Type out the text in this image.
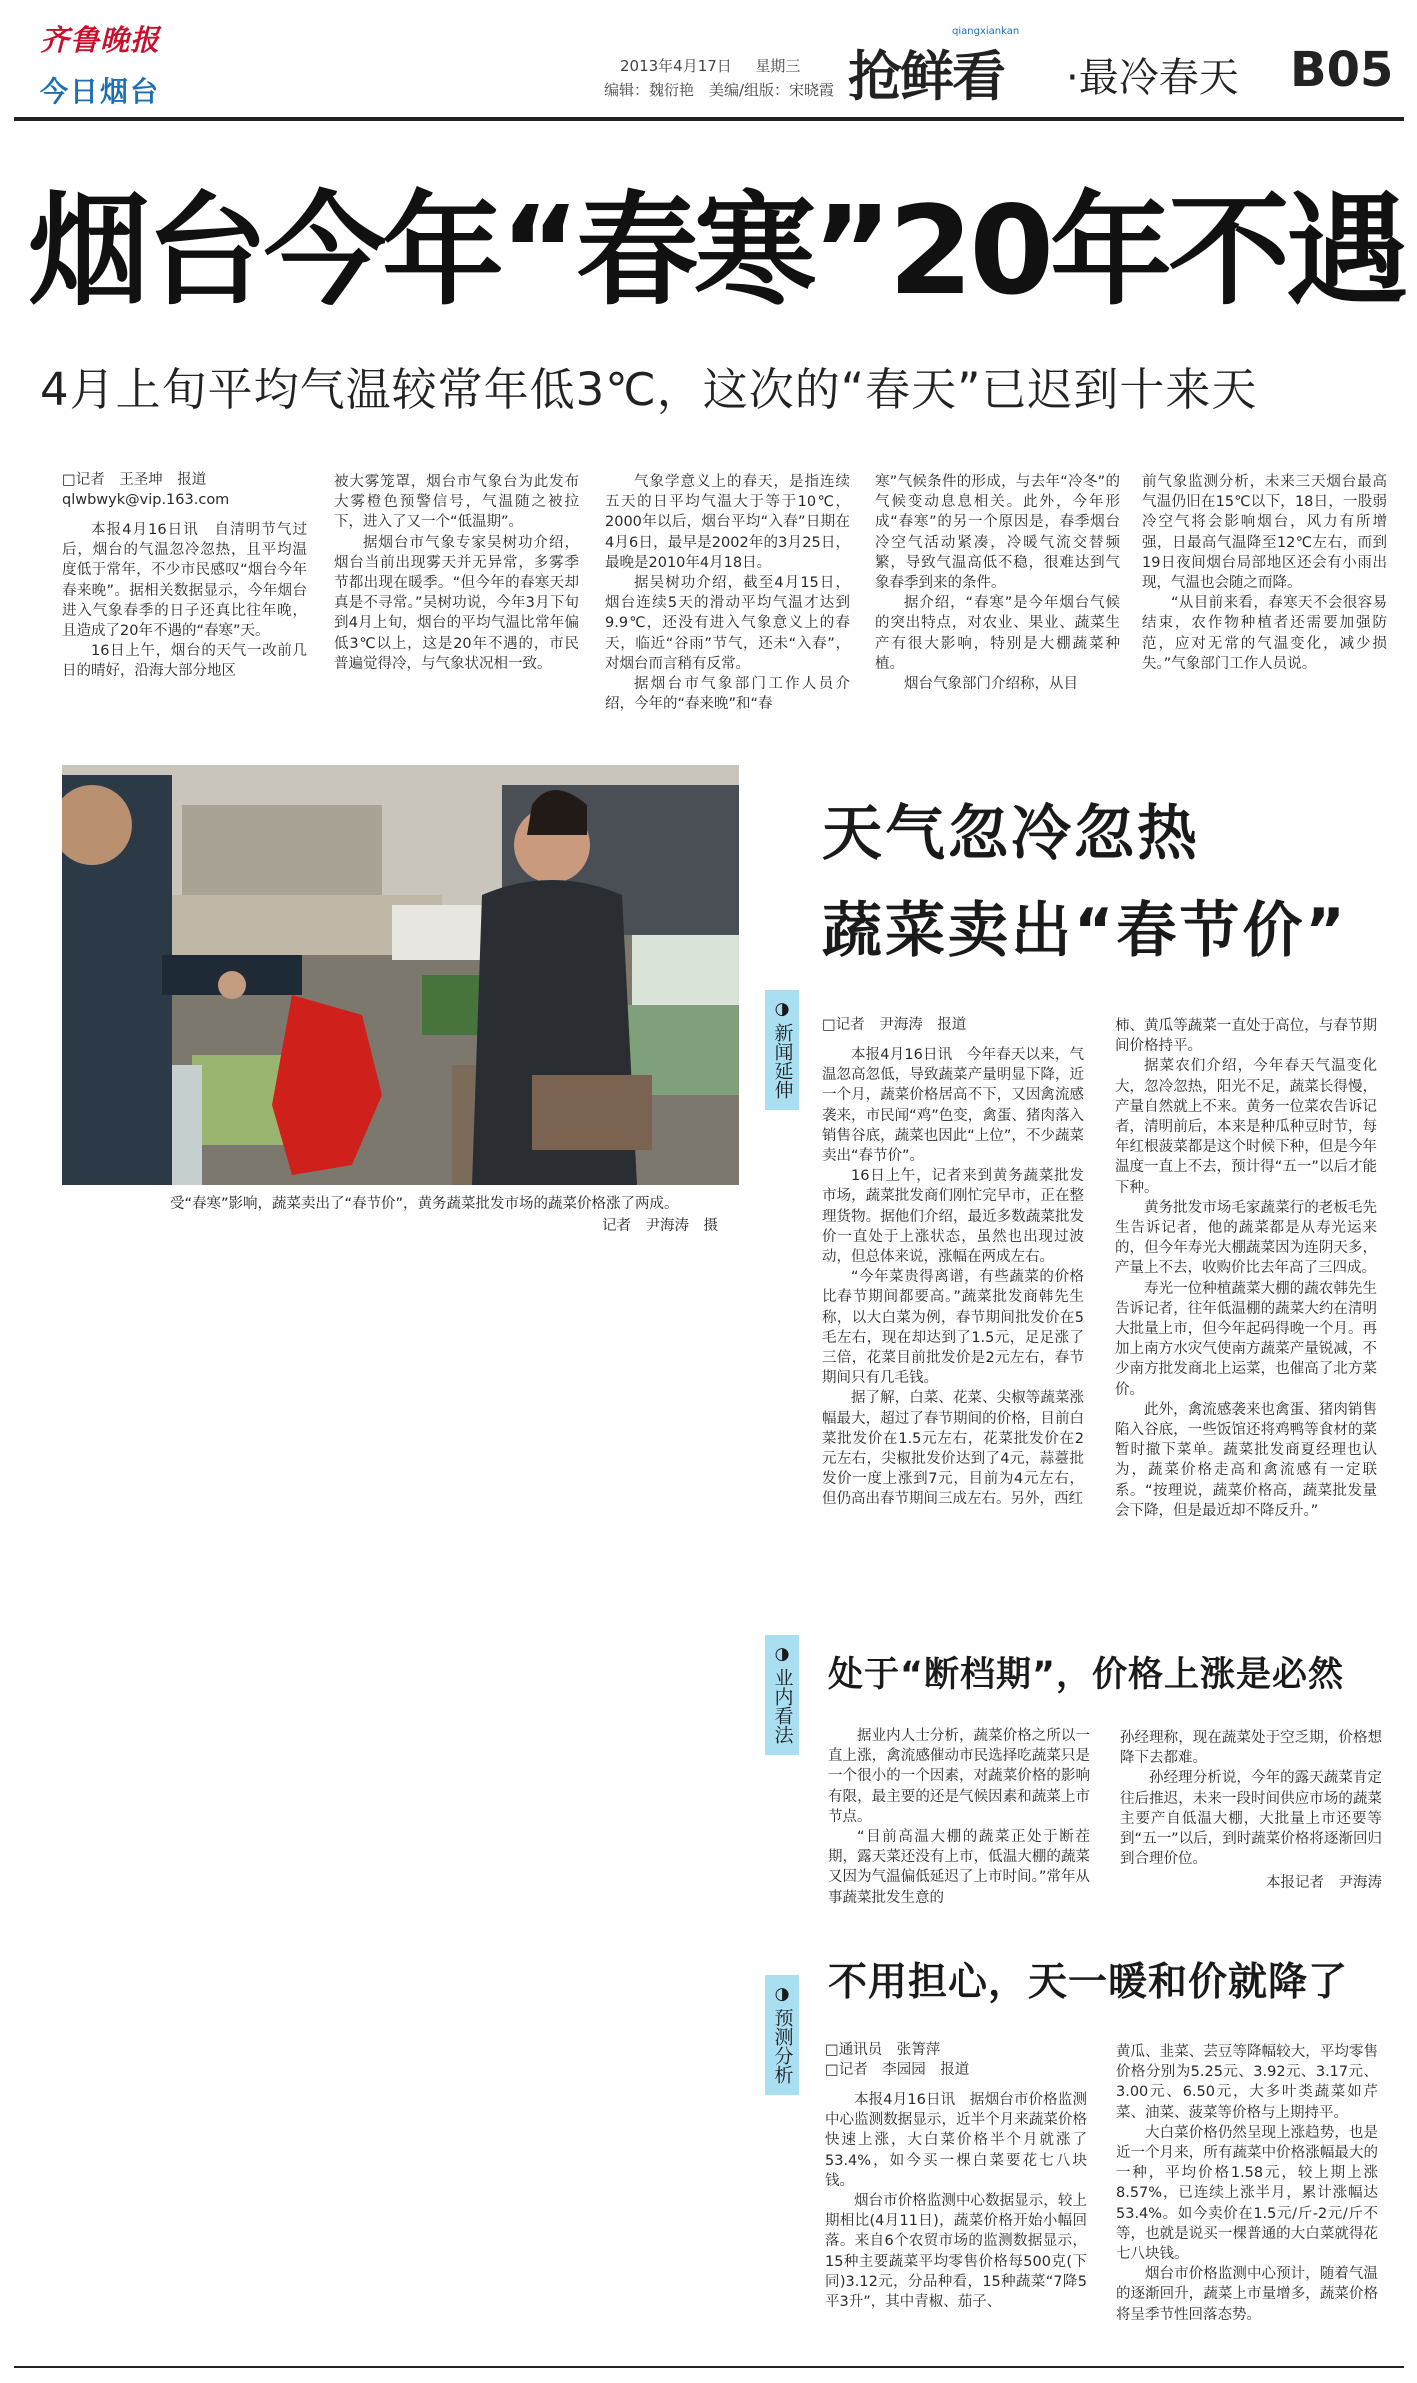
齐鲁晚报
今日烟台
2013年4月17日 星期三
编辑：魏衍艳　美编/组版：宋晓霞 抢鲜看
qiangxiankan
·最冷春天 B05
烟台今年“春寒”20年不遇
4月上旬平均气温较常年低3℃，这次的“春天”已迟到十来天

□记者　王圣坤　报道

qlwbwyk@vip.163.com

本报4月16日讯　自清明节气过后，烟台的气温忽冷忽热，且平均温度低于常年，不少市民感叹“烟台今年春来晚”。据相关数据显示，今年烟台进入气象春季的日子还真比往年晚，且造成了20年不遇的“春寒”天。

16日上午，烟台的天气一改前几日的晴好，沿海大部分地区

被大雾笼罩，烟台市气象台为此发布大雾橙色预警信号，气温随之被拉下，进入了又一个“低温期”。

据烟台市气象专家吴树功介绍，烟台当前出现雾天并无异常，多雾季节都出现在暖季。“但今年的春寒天却真是不寻常。”吴树功说，今年3月下旬到4月上旬，烟台的平均气温比常年偏低3℃以上，这是20年不遇的，市民普遍觉得冷，与气象状况相一致。

气象学意义上的春天，是指连续五天的日平均气温大于等于10℃，2000年以后，烟台平均“入春”日期在4月6日，最早是2002年的3月25日，最晚是2010年4月18日。

据吴树功介绍，截至4月15日，烟台连续5天的滑动平均气温才达到9.9℃，还没有进入气象意义上的春天，临近“谷雨”节气，还未“入春”，对烟台而言稍有反常。

据烟台市气象部门工作人员介绍，今年的“春来晚”和“春

寒”气候条件的形成，与去年“冷冬”的气候变动息息相关。此外，今年形成“春寒”的另一个原因是，春季烟台冷空气活动紧凑，冷暖气流交替频繁，导致气温高低不稳，很难达到气象春季到来的条件。

据介绍，“春寒”是今年烟台气候的突出特点，对农业、果业、蔬菜生产有很大影响，特别是大棚蔬菜种植。

烟台气象部门介绍称，从目

前气象监测分析，未来三天烟台最高气温仍旧在15℃以下，18日，一股弱冷空气将会影响烟台，风力有所增强，日最高气温降至12℃左右，而到19日夜间烟台局部地区还会有小雨出现，气温也会随之而降。

“从目前来看，春寒天不会很容易结束，农作物种植者还需要加强防范，应对无常的气温变化，减少损失。”气象部门工作人员说。

受“春寒”影响，蔬菜卖出了“春节价”，黄务蔬菜批发市场的蔬菜价格涨了两成。
记者　尹海涛　摄
天气忽冷忽热
蔬菜卖出“春节价”
◑
新闻延伸 □记者　尹海涛　报道

本报4月16日讯　今年春天以来，气温忽高忽低，导致蔬菜产量明显下降，近一个月，蔬菜价格居高不下，又因禽流感袭来，市民闻“鸡”色变，禽蛋、猪肉落入销售谷底，蔬菜也因此“上位”，不少蔬菜卖出“春节价”。

16日上午，记者来到黄务蔬菜批发市场，蔬菜批发商们刚忙完早市，正在整理货物。据他们介绍，最近多数蔬菜批发价一直处于上涨状态，虽然也出现过波动，但总体来说，涨幅在两成左右。

“今年菜贵得离谱，有些蔬菜的价格比春节期间都要高。”蔬菜批发商韩先生称，以大白菜为例，春节期间批发价在5毛左右，现在却达到了1.5元，足足涨了三倍，花菜目前批发价是2元左右，春节期间只有几毛钱。

据了解，白菜、花菜、尖椒等蔬菜涨幅最大，超过了春节期间的价格，目前白菜批发价在1.5元左右，花菜批发价在2元左右，尖椒批发价达到了4元，蒜薹批发价一度上涨到7元，目前为4元左右，但仍高出春节期间三成左右。另外，西红

柿、黄瓜等蔬菜一直处于高位，与春节期间价格持平。

据菜农们介绍，今年春天气温变化大，忽冷忽热，阳光不足，蔬菜长得慢，产量自然就上不来。黄务一位菜农告诉记者，清明前后，本来是种瓜种豆时节，每年红根菠菜都是这个时候下种，但是今年温度一直上不去，预计得“五一”以后才能下种。

黄务批发市场毛家蔬菜行的老板毛先生告诉记者，他的蔬菜都是从寿光运来的，但今年寿光大棚蔬菜因为连阴天多，产量上不去，收购价比去年高了三四成。

寿光一位种植蔬菜大棚的蔬农韩先生告诉记者，往年低温棚的蔬菜大约在清明大批量上市，但今年起码得晚一个月。再加上南方水灾气使南方蔬菜产量锐减，不少南方批发商北上运菜，也催高了北方菜价。

此外，禽流感袭来也禽蛋、猪肉销售陷入谷底，一些饭馆还将鸡鸭等食材的菜暂时撤下菜单。蔬菜批发商夏经理也认为，蔬菜价格走高和禽流感有一定联系。“按理说，蔬菜价格高，蔬菜批发量会下降，但是最近却不降反升。”

◑
业内看法 处于“断档期”，价格上涨是必然

据业内人士分析，蔬菜价格之所以一直上涨，禽流感催动市民选择吃蔬菜只是一个很小的一个因素，对蔬菜价格的影响有限，最主要的还是气候因素和蔬菜上市节点。

“目前高温大棚的蔬菜正处于断茬期，露天菜还没有上市，低温大棚的蔬菜又因为气温偏低延迟了上市时间。”常年从事蔬菜批发生意的

孙经理称，现在蔬菜处于空乏期，价格想降下去都难。

孙经理分析说，今年的露天蔬菜肯定往后推迟，未来一段时间供应市场的蔬菜主要产自低温大棚，大批量上市还要等到“五一”以后，到时蔬菜价格将逐渐回归到合理价位。

本报记者　尹海涛

◑
预测分析
不用担心，天一暖和价就降了

□通讯员　张箐萍

□记者　李园园　报道

本报4月16日讯　据烟台市价格监测中心监测数据显示，近半个月来蔬菜价格快速上涨，大白菜价格半个月就涨了53.4%，如今买一棵白菜要花七八块钱。

烟台市价格监测中心数据显示，较上期相比(4月11日)，蔬菜价格开始小幅回落。来自6个农贸市场的监测数据显示，15种主要蔬菜平均零售价格每500克(下同)3.12元，分品种看，15种蔬菜“7降5平3升”，其中青椒、茄子、

黄瓜、韭菜、芸豆等降幅较大，平均零售价格分别为5.25元、3.92元、3.17元、3.00元、6.50元，大多叶类蔬菜如芹菜、油菜、菠菜等价格与上期持平。

大白菜价格仍然呈现上涨趋势，也是近一个月来，所有蔬菜中价格涨幅最大的一种，平均价格1.58元，较上期上涨8.57%，已连续上涨半月，累计涨幅达53.4%。如今卖价在1.5元/斤-2元/斤不等，也就是说买一棵普通的大白菜就得花七八块钱。

烟台市价格监测中心预计，随着气温的逐渐回升，蔬菜上市量增多，蔬菜价格将呈季节性回落态势。
